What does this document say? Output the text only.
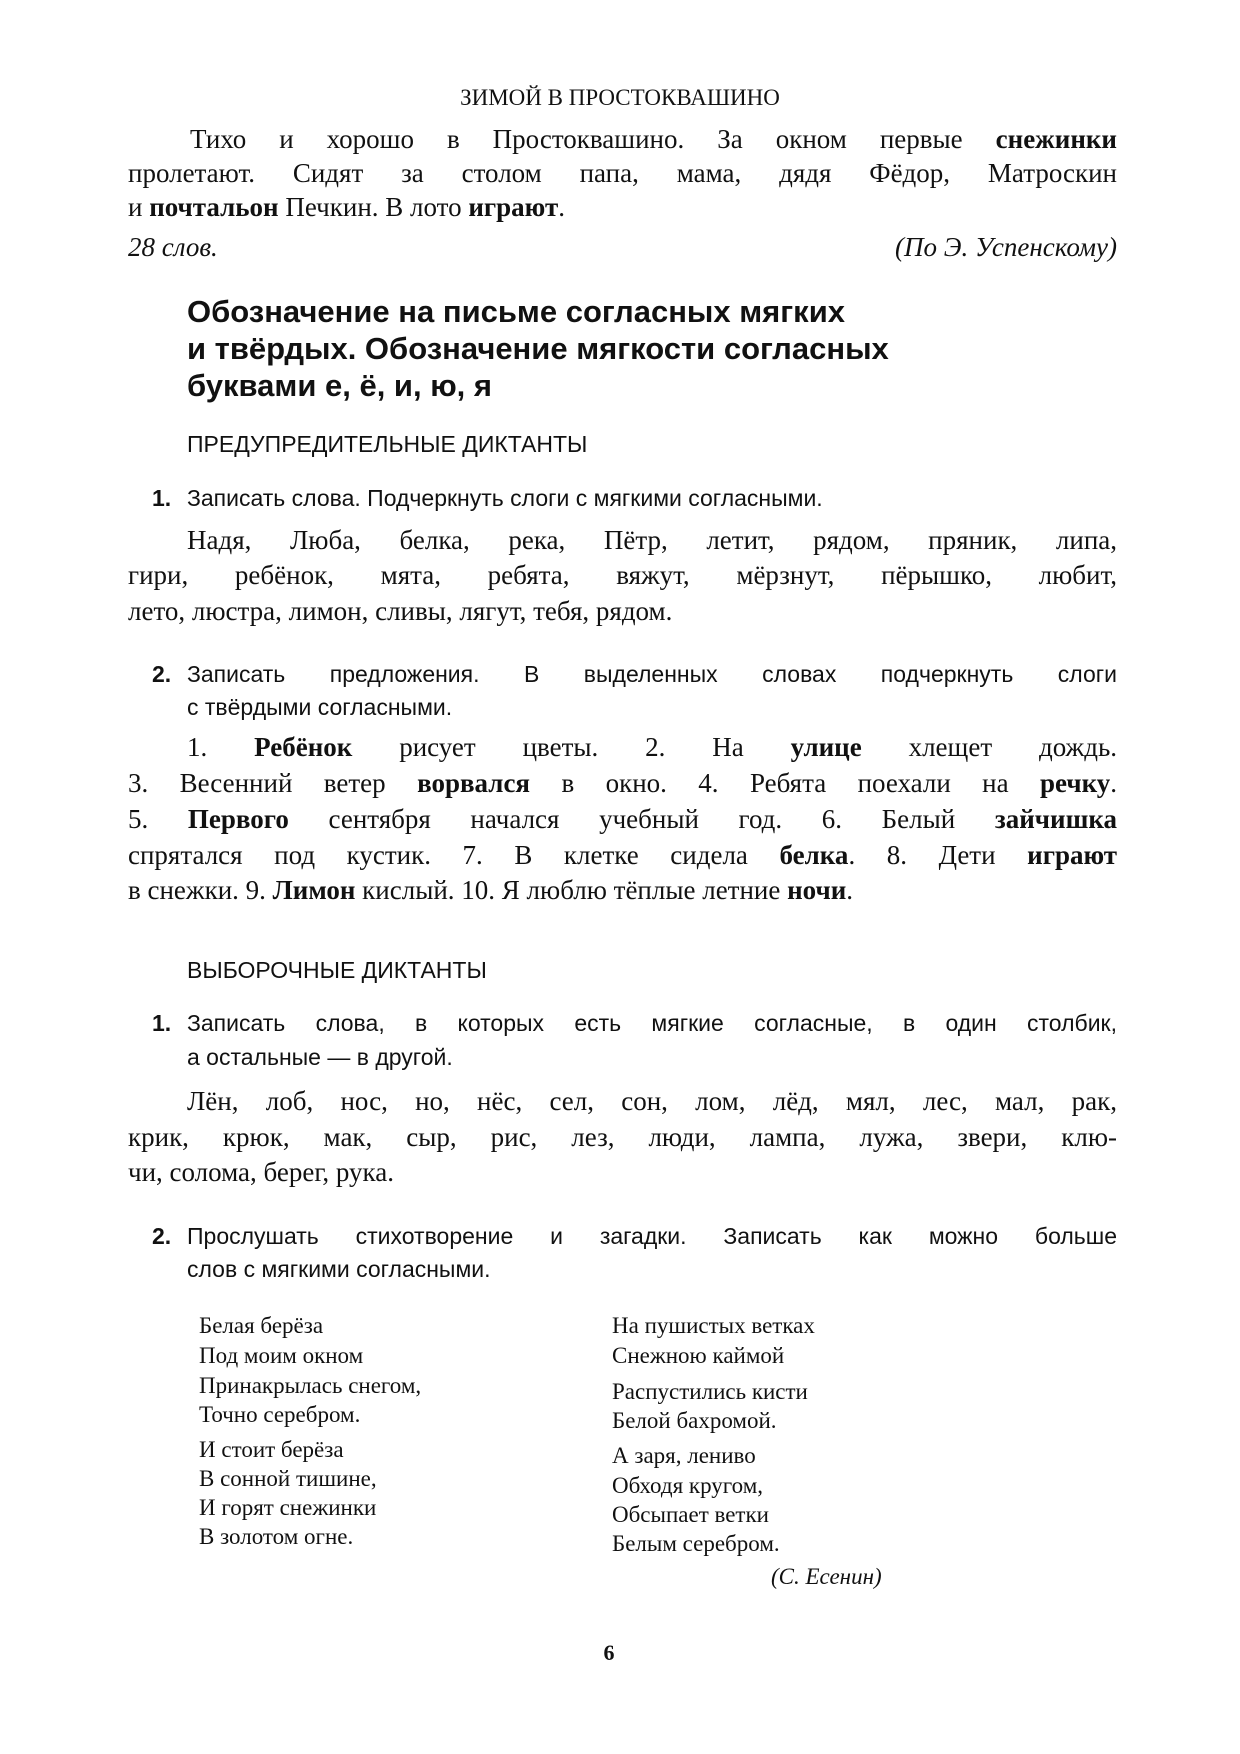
ЗИМОЙ В ПРОСТОКВАШИНО
Тихо и хорошо в Простоквашино. За окном первые снежинки
пролетают. Сидят за столом папа, мама, дядя Фёдор, Матроскин
и почтальон Печкин. В лото играют.
28 слов.	(По Э. Успенскому)
Обозначение на письме согласных мягких
и твёрдых. Обозначение мягкости согласных
буквами е, ё, и, ю, я
ПРЕДУПРЕДИТЕЛЬНЫЕ ДИКТАНТЫ
1. Записать слова. Подчеркнуть слоги с мягкими согласными.
Надя, Люба, белка, река, Пётр, летит, рядом, пряник, липа,
гири, ребёнок, мята, ребята, вяжут, мёрзнут, пёрышко, любит,
лето, люстра, лимон, сливы, лягут, тебя, рядом.
2. Записать предложения. В выделенных словах подчеркнуть слоги
с твёрдыми согласными.
1. Ребёнок рисует цветы. 2. На улице хлещет дождь.
3. Весенний ветер ворвался в окно. 4. Ребята поехали на речку.
5. Первого сентября начался учебный год. 6. Белый зайчишка
спрятался под кустик. 7. В клетке сидела белка. 8. Дети играют
в снежки. 9. Лимон кислый. 10. Я люблю тёплые летние ночи.
ВЫБОРОЧНЫЕ ДИКТАНТЫ
1. Записать слова, в которых есть мягкие согласные, в один столбик,
а остальные — в другой.
Лён, лоб, нос, но, нёс, сел, сон, лом, лёд, мял, лес, мал, рак,
крик, крюк, мак, сыр, рис, лез, люди, лампа, лужа, звери, клю-
чи, солома, берег, рука.
2. Прослушать стихотворение и загадки. Записать как можно больше
слов с мягкими согласными.
Белая берёза
Под моим окном
Принакрылась снегом,
Точно серебром.
И стоит берёза
В сонной тишине,
И горят снежинки
В золотом огне.
На пушистых ветках
Снежною каймой
Распустились кисти
Белой бахромой.
А заря, лениво
Обходя кругом,
Обсыпает ветки
Белым серебром.
(С. Есенин)
6
